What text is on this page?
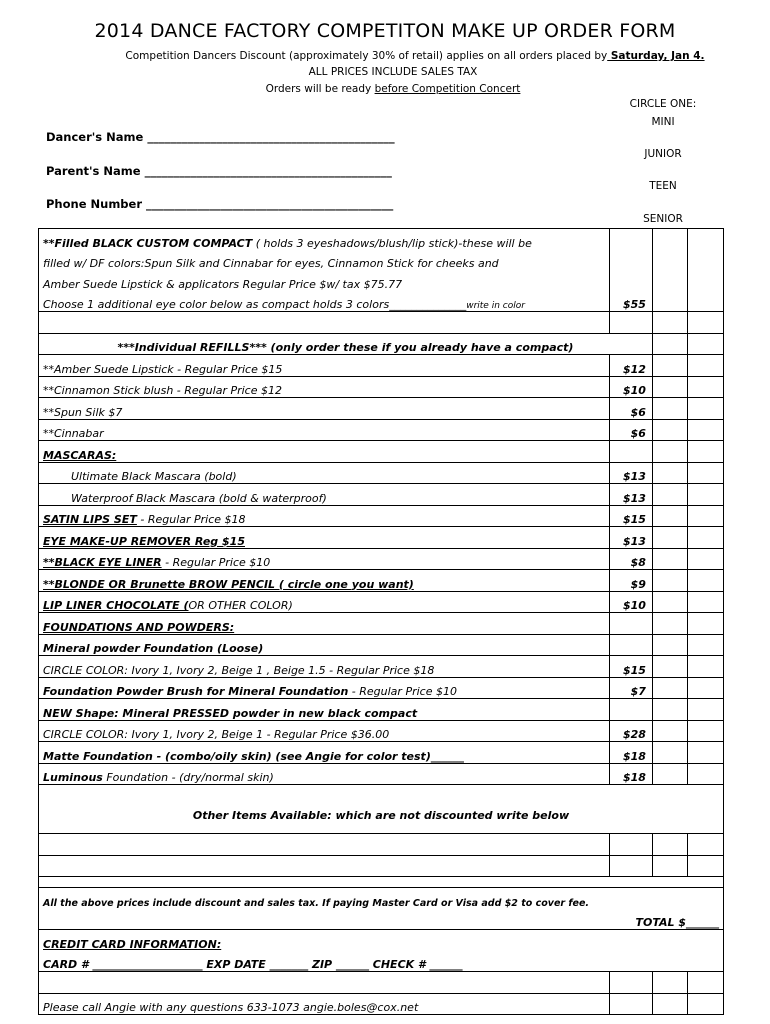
2014 DANCE FACTORY COMPETITON MAKE UP ORDER FORM
Competition Dancers Discount (approximately 30% of retail) applies on all orders placed by Saturday, Jan 4.
ALL PRICES INCLUDE SALES TAX
Orders will be ready before Competition Concert
CIRCLE ONE:
MINI
JUNIOR
TEEN
SENIOR
Dancer's Name ___________________________________________
Parent's Name ___________________________________________
Phone Number ___________________________________________
**Filled BLACK CUSTOM COMPACT ( holds 3 eyeshadows/blush/lip stick)-these will be			
filled w/ DF colors:Spun Silk and Cinnabar for eyes, Cinnamon Stick for cheeks and			
Amber Suede Lipstick & applicators Regular Price $w/ tax $75.77			
Choose 1 additional eye color below as compact holds 3 colors______________write in color	$55		

***Individual REFILLS*** (only order these if you already have a compact)			
**Amber Suede Lipstick - Regular Price $15	$12		
**Cinnamon Stick blush - Regular Price $12	$10		
**Spun Silk $7	$6		
**Cinnabar	$6		
MASCARAS:			
Ultimate Black Mascara (bold)	$13		
Waterproof Black Mascara (bold & waterproof)	$13		
SATIN LIPS SET - Regular Price $18	$15		
EYE MAKE-UP REMOVER Reg $15	$13		
**BLACK EYE LINER - Regular Price $10	$8		
**BLONDE OR Brunette BROW PENCIL ( circle one you want)	$9		
LIP LINER CHOCOLATE (OR OTHER COLOR)	$10		
FOUNDATIONS AND POWDERS:			
Mineral powder Foundation (Loose)			
CIRCLE COLOR: Ivory 1, Ivory 2, Beige 1 , Beige 1.5 - Regular Price $18	$15		
Foundation Powder Brush for Mineral Foundation - Regular Price $10	$7		
NEW Shape: Mineral PRESSED powder in new black compact			
CIRCLE COLOR: Ivory 1, Ivory 2, Beige 1 - Regular Price $36.00	$28		
Matte Foundation - (combo/oily skin) (see Angie for color test)______	$18		
Luminous Foundation - (dry/normal skin)	$18		
Other Items Available: which are not discounted write below			

All the above prices include discount and sales tax. If paying Master Card or Visa add $2 to cover fee.			
TOTAL $______			
CREDIT CARD INFORMATION:			
CARD # ____________________ EXP DATE _______ ZIP ______ CHECK # ______			

Please call Angie with any questions 633-1073 angie.boles@cox.net			
